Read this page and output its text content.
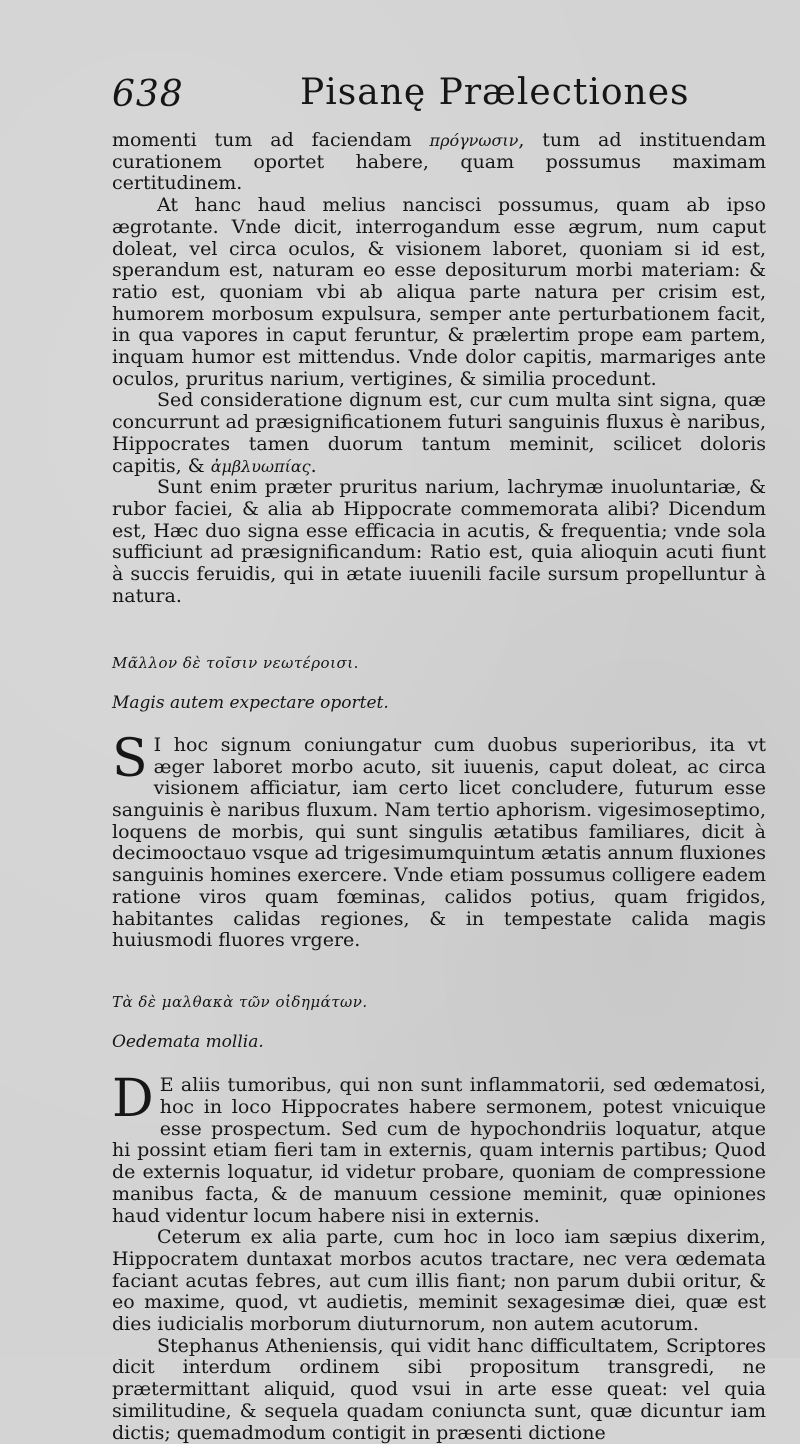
638	Pisanę Prælectiones

momenti tum ad faciendam πρόγνωσιν, tum ad instituendam curationem oportet habere, quam possumus maximam certitudinem.

At hanc haud melius nancisci possumus, quam ab ipso ægrotante. Vnde dicit, interrogandum esse ægrum, num caput doleat, vel circa oculos, & visionem laboret, quoniam si id est, sperandum est, naturam eo esse depositurum morbi materiam: & ratio est, quoniam vbi ab aliqua parte natura per crisim est, humorem morbosum expulsura, semper ante perturbationem facit, in qua vapores in caput feruntur, & prælertim prope eam partem, inquam humor est mittendus. Vnde dolor capitis, marmariges ante oculos, pruritus narium, vertigines, & similia procedunt.

Sed consideratione dignum est, cur cum multa sint signa, quæ concurrunt ad præsignificationem futuri sanguinis fluxus è naribus, Hippocrates tamen duorum tantum meminit, scilicet doloris capitis, & ἀμβλυωπίας.

Sunt enim præter pruritus narium, lachrymæ inuoluntariæ, & rubor faciei, & alia ab Hippocrate commemorata alibi? Dicendum est, Hæc duo signa esse efficacia in acutis, & frequentia; vnde sola sufficiunt ad præsignificandum: Ratio est, quia alioquin acuti fiunt à succis feruidis, qui in ætate iuuenili facile sursum propelluntur à natura.

Μᾶλλον δὲ τοῖσιν νεωτέροισι.

Magis autem expectare oportet.

S I hoc signum coniungatur cum duobus superioribus, ita vt æger laboret morbo acuto, sit iuuenis, caput doleat, ac circa visionem afficiatur, iam certo licet concludere, futurum esse sanguinis è naribus fluxum. Nam tertio aphorism. vigesimoseptimo, loquens de morbis, qui sunt singulis ætatibus familiares, dicit à decimooctauo vsque ad trigesimumquintum ætatis annum fluxiones sanguinis homines exercere. Vnde etiam possumus colligere eadem ratione viros quam fœminas, calidos potius, quam frigidos, habitantes calidas regiones, & in tempestate calida magis huiusmodi fluores vrgere.

Τὰ δὲ μαλθακὰ τῶν οἰδημάτων.

Oedemata mollia.

D E aliis tumoribus, qui non sunt inflammatorii, sed œdematosi, hoc in loco Hippocrates habere sermonem, potest vnicuique esse prospectum. Sed cum de hypochondriis loquatur, atque hi possint etiam fieri tam in externis, quam internis partibus; Quod de externis loquatur, id videtur probare, quoniam de compressione manibus facta, & de manuum cessione meminit, quæ opiniones haud videntur locum habere nisi in externis.

Ceterum ex alia parte, cum hoc in loco iam sæpius dixerim, Hippocratem duntaxat morbos acutos tractare, nec vera œdemata faciant acutas febres, aut cum illis fiant; non parum dubii oritur, & eo maxime, quod, vt audietis, meminit sexagesimæ diei, quæ est dies iudicialis morborum diuturnorum, non autem acutorum.

Stephanus Atheniensis, qui vidit hanc difficultatem, Scriptores dicit interdum ordinem sibi propositum transgredi, ne prætermittant aliquid, quod vsui in arte esse queat: vel quia similitudine, & sequela quadam coniuncta sunt, quæ dicuntur iam dictis; quemadmodum contigit in præsenti dictione
